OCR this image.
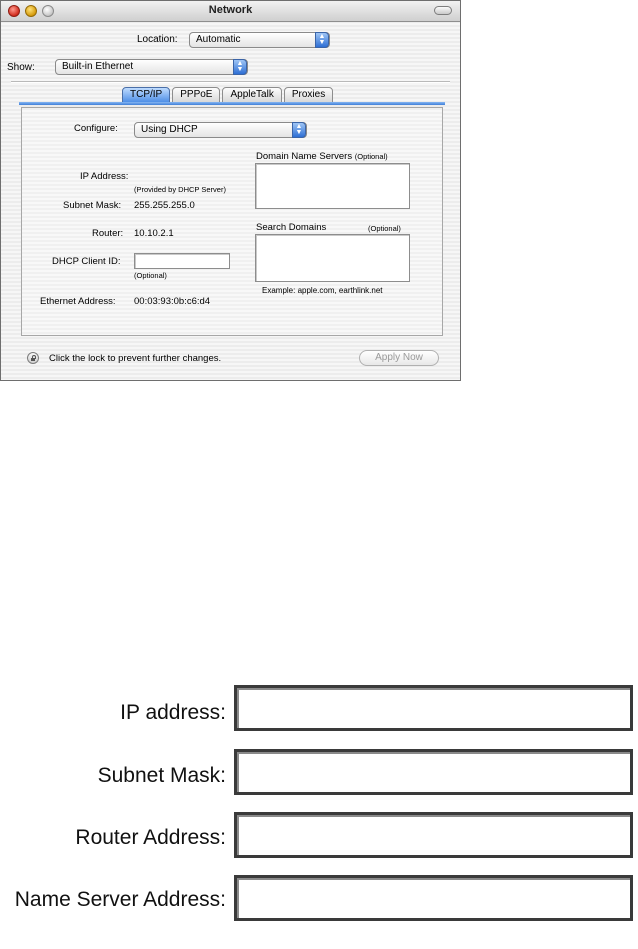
Network
Location:	Automatic	▲
▼
Show:	Built-in Ethernet	▲
▼
TCP/IP	PPPoE	AppleTalk	Proxies
Configure:	Using DHCP	▲
▼
IP Address:
(Provided by DHCP Server)
Subnet Mask: 255.255.255.0
Router: 10.10.2.1
DHCP Client ID:
(Optional)
Ethernet Address: 00:03:93:0b:c6:d4
Domain Name Servers (Optional)
Search Domains	(Optional)
Example: apple.com, earthlink.net
Click the lock to prevent further changes.	Apply Now
IP address:
Subnet Mask:
Router Address:
Name Server Address:
